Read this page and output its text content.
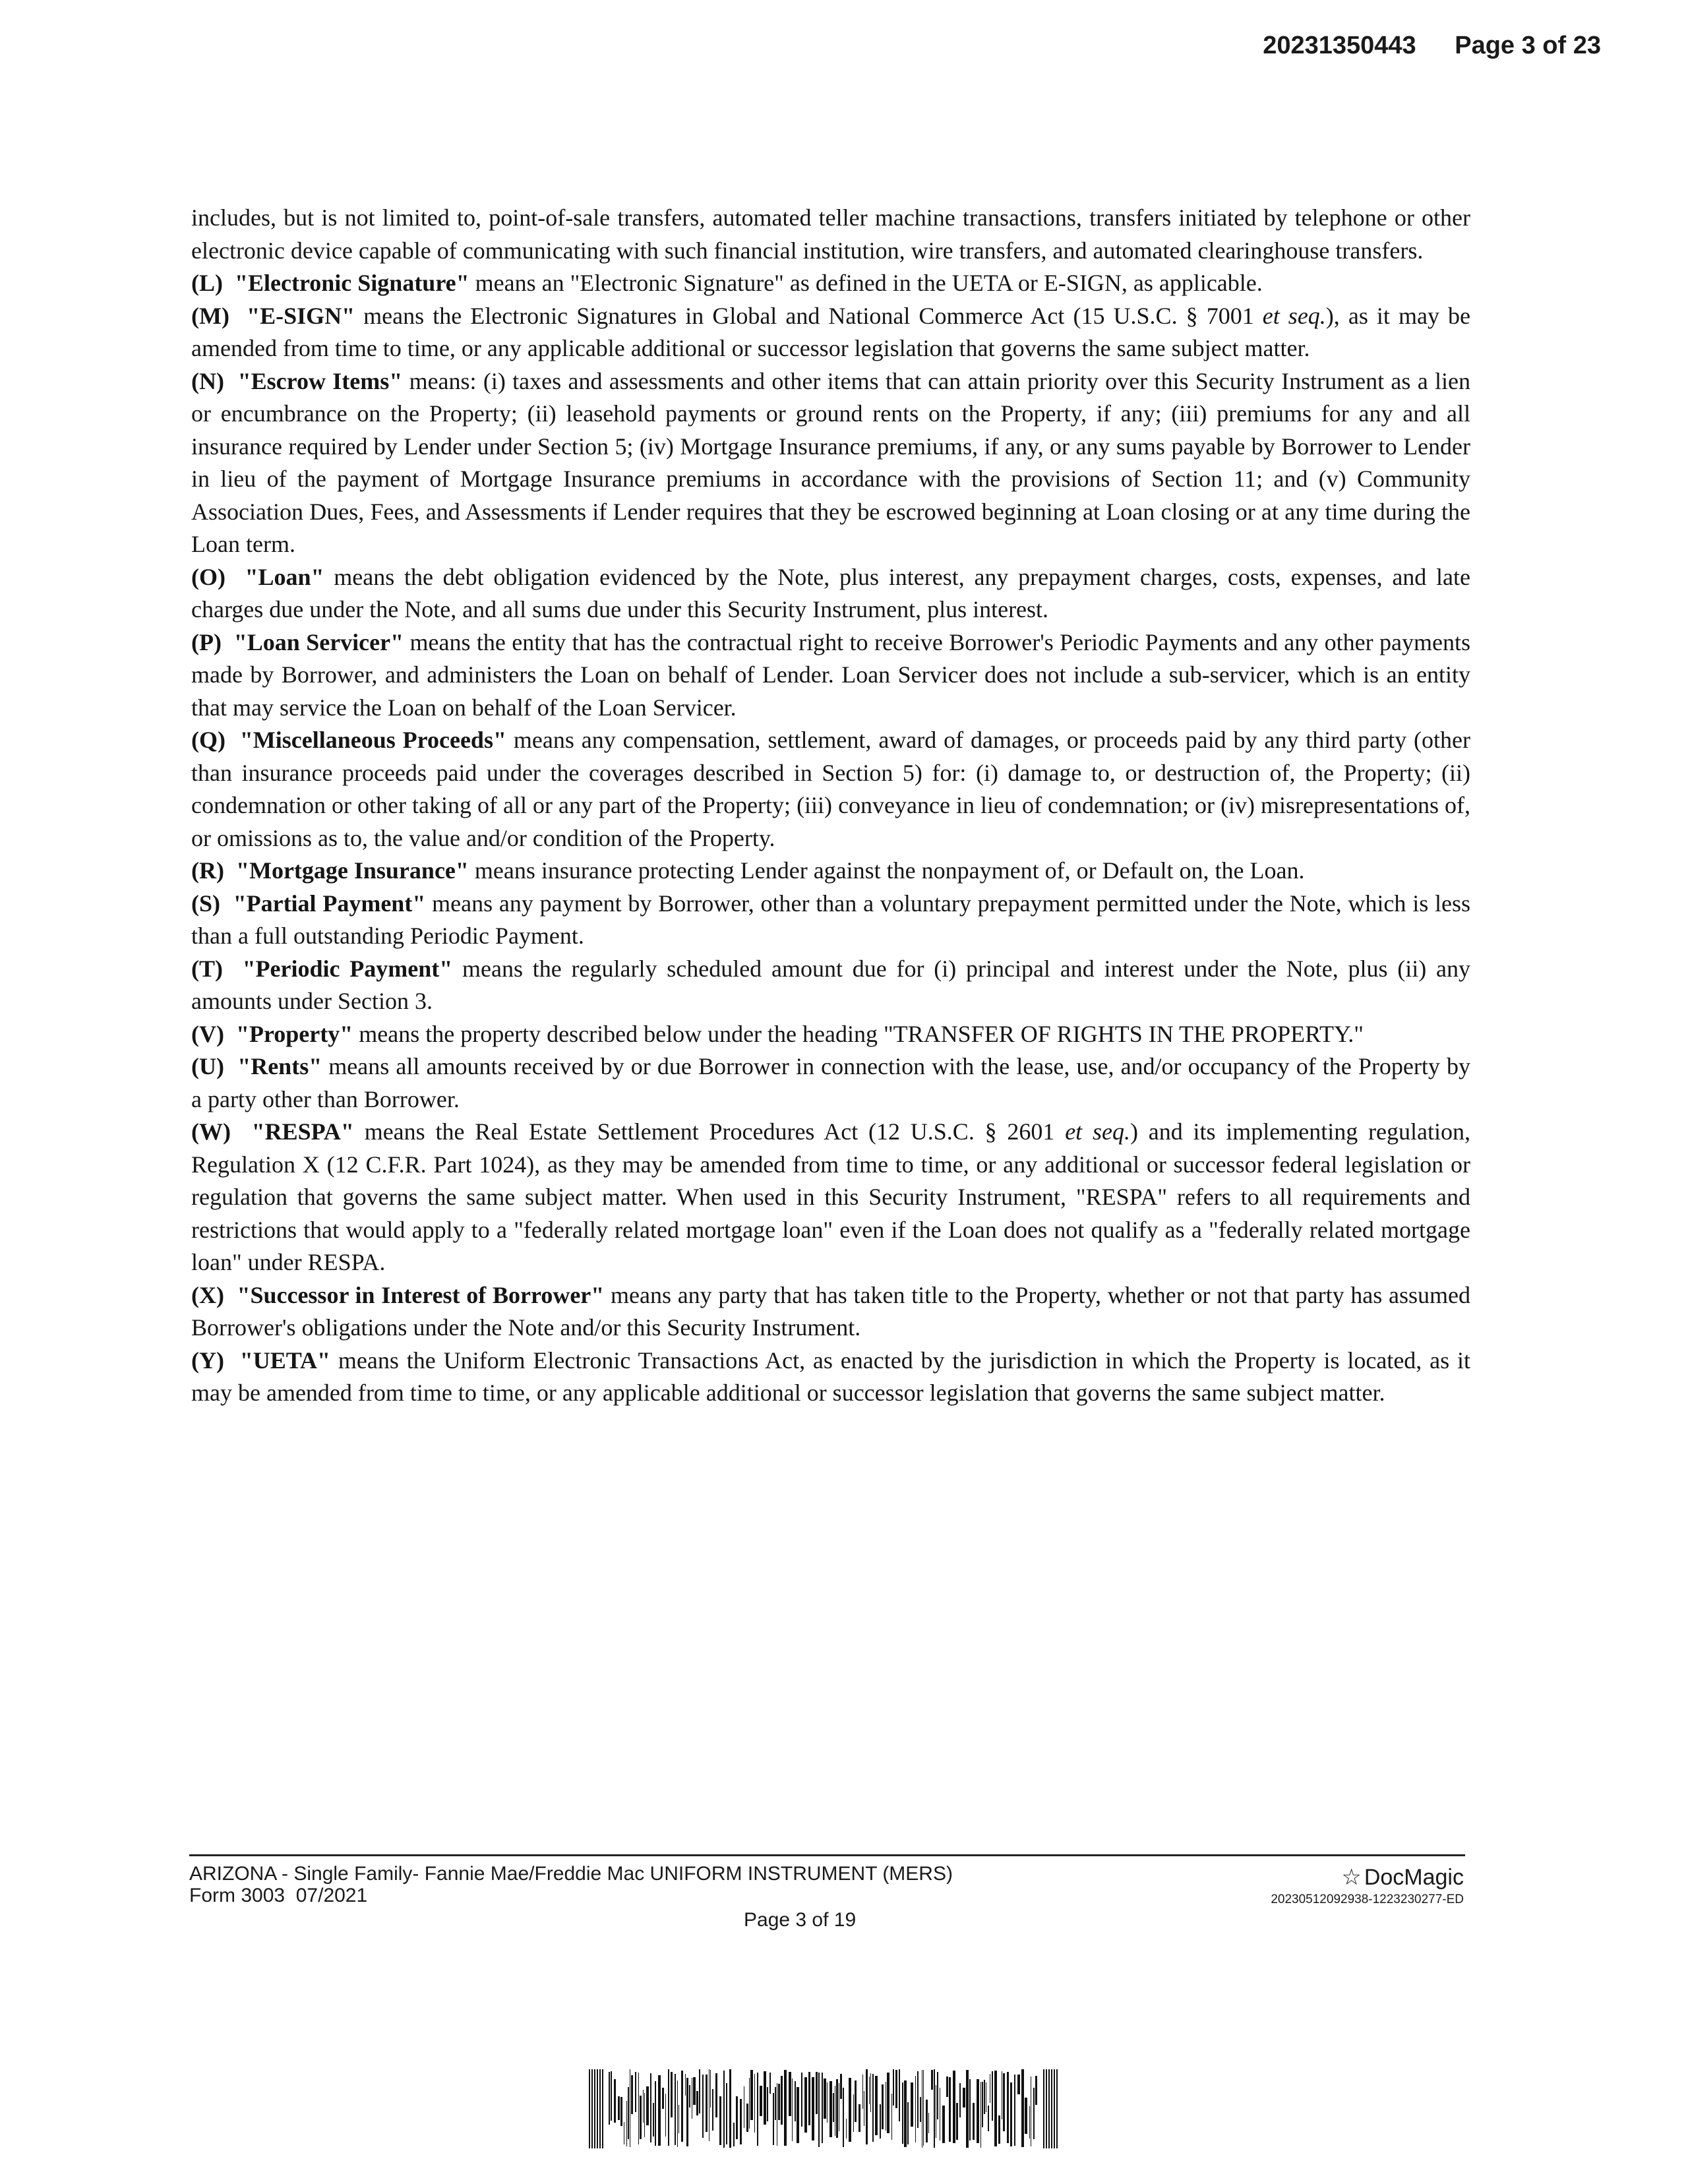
20231350443 Page 3 of 23

includes, but is not limited to, point-of-sale transfers, automated teller machine transactions, transfers initiated by telephone or other electronic device capable of communicating with such financial institution, wire transfers, and automated clearinghouse transfers.

(L) "Electronic Signature" means an "Electronic Signature" as defined in the UETA or E-SIGN, as applicable.

(M) "E-SIGN" means the Electronic Signatures in Global and National Commerce Act (15 U.S.C. § 7001 et seq.), as it may be amended from time to time, or any applicable additional or successor legislation that governs the same subject matter.

(N) "Escrow Items" means: (i) taxes and assessments and other items that can attain priority over this Security Instrument as a lien or encumbrance on the Property; (ii) leasehold payments or ground rents on the Property, if any; (iii) premiums for any and all insurance required by Lender under Section 5; (iv) Mortgage Insurance premiums, if any, or any sums payable by Borrower to Lender in lieu of the payment of Mortgage Insurance premiums in accordance with the provisions of Section 11; and (v) Community Association Dues, Fees, and Assessments if Lender requires that they be escrowed beginning at Loan closing or at any time during the Loan term.

(O) "Loan" means the debt obligation evidenced by the Note, plus interest, any prepayment charges, costs, expenses, and late charges due under the Note, and all sums due under this Security Instrument, plus interest.

(P) "Loan Servicer" means the entity that has the contractual right to receive Borrower's Periodic Payments and any other payments made by Borrower, and administers the Loan on behalf of Lender. Loan Servicer does not include a sub-servicer, which is an entity that may service the Loan on behalf of the Loan Servicer.

(Q) "Miscellaneous Proceeds" means any compensation, settlement, award of damages, or proceeds paid by any third party (other than insurance proceeds paid under the coverages described in Section 5) for: (i) damage to, or destruction of, the Property; (ii) condemnation or other taking of all or any part of the Property; (iii) conveyance in lieu of condemnation; or (iv) misrepresentations of, or omissions as to, the value and/or condition of the Property.

(R) "Mortgage Insurance" means insurance protecting Lender against the nonpayment of, or Default on, the Loan.

(S) "Partial Payment" means any payment by Borrower, other than a voluntary prepayment permitted under the Note, which is less than a full outstanding Periodic Payment.

(T) "Periodic Payment" means the regularly scheduled amount due for (i) principal and interest under the Note, plus (ii) any amounts under Section 3.

(V) "Property" means the property described below under the heading "TRANSFER OF RIGHTS IN THE PROPERTY."

(U) "Rents" means all amounts received by or due Borrower in connection with the lease, use, and/or occupancy of the Property by a party other than Borrower.

(W) "RESPA" means the Real Estate Settlement Procedures Act (12 U.S.C. § 2601 et seq.) and its implementing regulation, Regulation X (12 C.F.R. Part 1024), as they may be amended from time to time, or any additional or successor federal legislation or regulation that governs the same subject matter. When used in this Security Instrument, "RESPA" refers to all requirements and restrictions that would apply to a "federally related mortgage loan" even if the Loan does not qualify as a "federally related mortgage loan" under RESPA.

(X) "Successor in Interest of Borrower" means any party that has taken title to the Property, whether or not that party has assumed Borrower's obligations under the Note and/or this Security Instrument.

(Y) "UETA" means the Uniform Electronic Transactions Act, as enacted by the jurisdiction in which the Property is located, as it may be amended from time to time, or any applicable additional or successor legislation that governs the same subject matter.

ARIZONA - Single Family- Fannie Mae/Freddie Mac UNIFORM INSTRUMENT (MERS)
Form 3003  07/2021
Page 3 of 19
☆ DocMagic
20230512092938-1223230277-ED
